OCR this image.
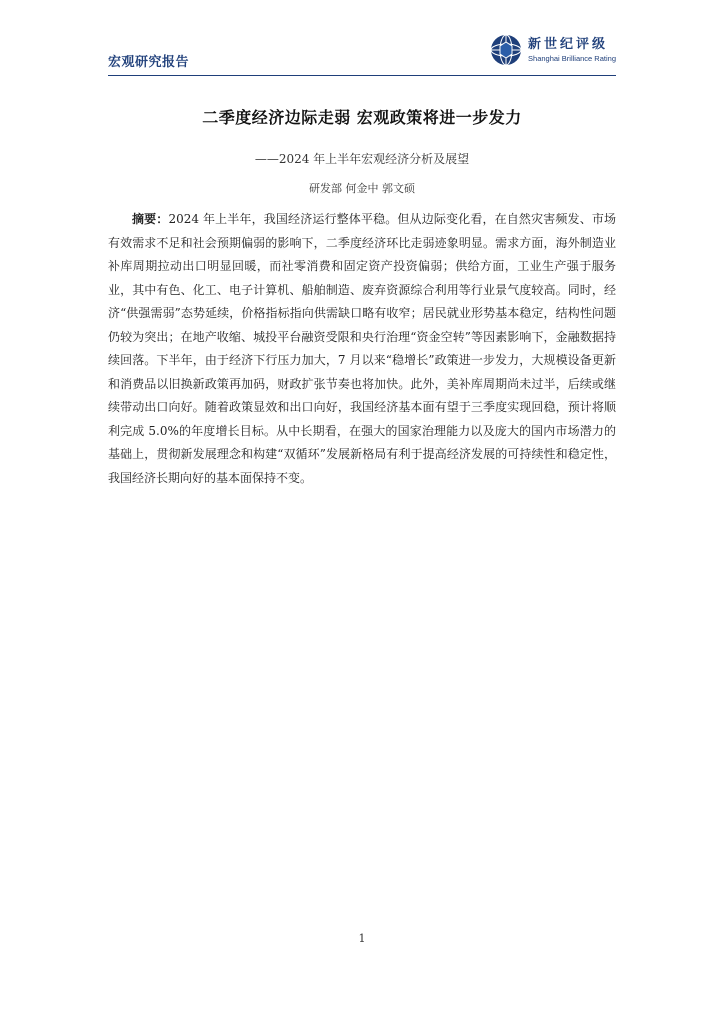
宏观研究报告
新世纪评级
Shanghai Brilliance Rating
二季度经济边际走弱 宏观政策将进一步发力
——2024 年上半年宏观经济分析及展望
研发部 何金中 郭文硕

摘要：2024 年上半年，我国经济运行整体平稳。但从边际变化看，在自然灾害频发、市场有效需求不足和社会预期偏弱的影响下，二季度经济环比走弱迹象明显。需求方面，海外制造业补库周期拉动出口明显回暖，而社零消费和固定资产投资偏弱；供给方面，工业生产强于服务业，其中有色、化工、电子计算机、船舶制造、废弃资源综合利用等行业景气度较高。同时，经济“供强需弱”态势延续，价格指标指向供需缺口略有收窄；居民就业形势基本稳定，结构性问题仍较为突出；在地产收缩、城投平台融资受限和央行治理“资金空转”等因素影响下，金融数据持续回落。下半年，由于经济下行压力加大，7 月以来“稳增长”政策进一步发力，大规模设备更新和消费品以旧换新政策再加码，财政扩张节奏也将加快。此外，美补库周期尚未过半，后续或继续带动出口向好。随着政策显效和出口向好，我国经济基本面有望于三季度实现回稳，预计将顺利完成 5.0%的年度增长目标。从中长期看，在强大的国家治理能力以及庞大的国内市场潜力的基础上，贯彻新发展理念和构建“双循环”发展新格局有利于提高经济发展的可持续性和稳定性，我国经济长期向好的基本面保持不变。

1
